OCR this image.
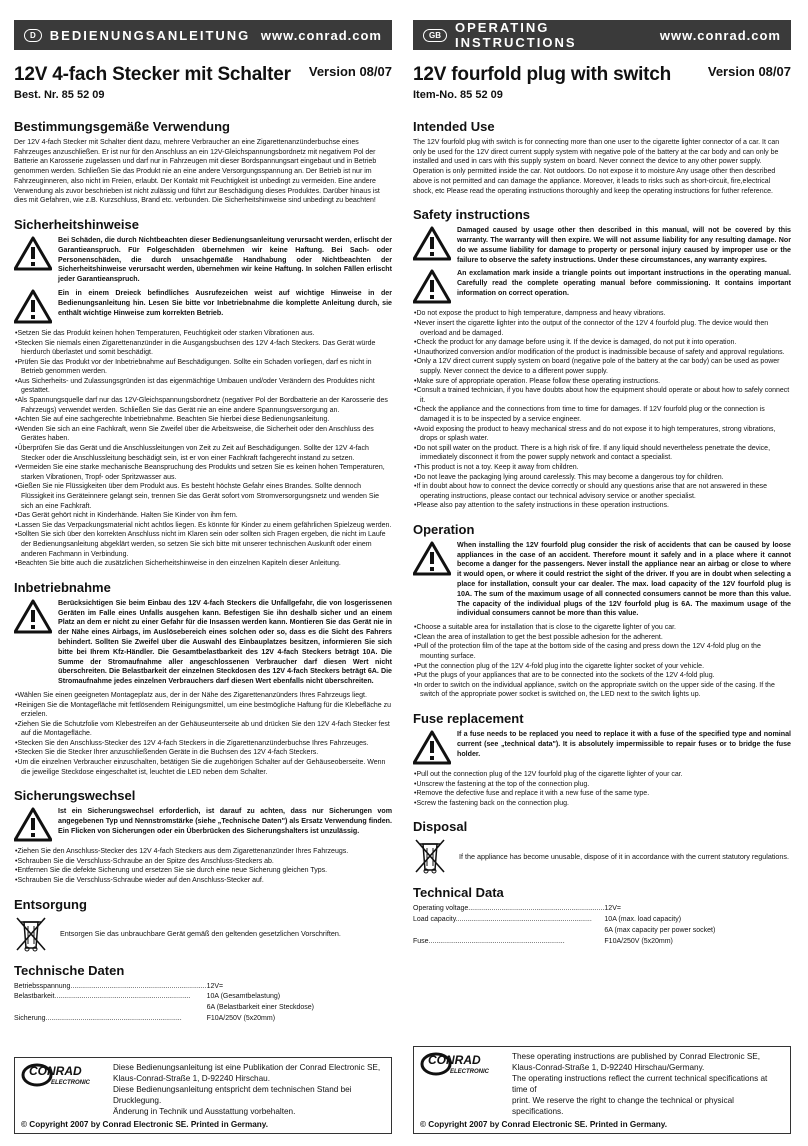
D	BEDIENUNGSANLEITUNG www.conrad.com
12V 4-fach Stecker mit Schalter	Version 08/07
Best. Nr. 85 52 09
Bestimmungsgemäße Verwendung

Der 12V 4-fach Stecker mit Schalter dient dazu, mehrere Verbraucher an eine Zigarettenanzünderbuchse eines Fahrzeuges anzuschließen. Er ist nur für den Anschluss an ein 12V-Gleichspannungsbordnetz mit negativem Pol der Batterie an Karosserie zugelassen und darf nur in Fahrzeugen mit dieser Bordspannungsart eingebaut und in Betrieb genommen werden. Schließen Sie das Produkt nie an eine andere Versorgungsspannung an. Der Betrieb ist nur im Fahrzeuginneren, also nicht im Freien, erlaubt. Der Kontakt mit Feuchtigkeit ist unbedingt zu vermeiden. Eine andere Verwendung als zuvor beschrieben ist nicht zulässig und führt zur Beschädigung dieses Produktes. Darüber hinaus ist dies mit Gefahren, wie z.B. Kurzschluss, Brand etc. verbunden. Die Sicherheitshinweise sind unbedingt zu beachten!

Sicherheitshinweise
Bei Schäden, die durch Nichtbeachten dieser Bedienungsanleitung verursacht werden, erlischt der Garantieanspruch. Für Folgeschäden übernehmen wir keine Haftung. Bei Sach- oder Personenschäden, die durch unsachgemäße Handhabung oder Nichtbeachten der Sicherheitshinweise verursacht werden, übernehmen wir keine Haftung. In solchen Fällen erlischt jeder Garantieanspruch.
Ein in einem Dreieck befindliches Ausrufezeichen weist auf wichtige Hinweise in der Bedienungsanleitung hin. Lesen Sie bitte vor Inbetriebnahme die komplette Anleitung durch, sie enthält wichtige Hinweise zum korrekten Betrieb.
• Setzen Sie das Produkt keinen hohen Temperaturen, Feuchtigkeit oder starken Vibrationen aus.
• Stecken Sie niemals einen Zigarettenanzünder in die Ausgangsbuchsen des 12V 4-fach Steckers. Das Gerät würde hierdurch überlastet und somit beschädigt.
• Prüfen Sie das Produkt vor der Inbetriebnahme auf Beschädigungen. Sollte ein Schaden vorliegen, darf es nicht in Betrieb genommen werden.
• Aus Sicherheits- und Zulassungsgründen ist das eigenmächtige Umbauen und/oder Verändern des Produktes nicht gestattet.
• Als Spannungsquelle darf nur das 12V-Gleichspannungsbordnetz (negativer Pol der Bordbatterie an der Karosserie des Fahrzeugs) verwendet werden. Schließen Sie das Gerät nie an eine andere Spannungsversorgung an.
• Achten Sie auf eine sachgerechte Inbetriebnahme. Beachten Sie hierbei diese Bedienungsanleitung.
• Wenden Sie sich an eine Fachkraft, wenn Sie Zweifel über die Arbeitsweise, die Sicherheit oder den Anschluss des Gerätes haben.
• Überprüfen Sie das Gerät und die Anschlussleitungen von Zeit zu Zeit auf Beschädigungen. Sollte der 12V 4-fach Stecker oder die Anschlussleitung beschädigt sein, ist er von einer Fachkraft fachgerecht instand zu setzen.
• Vermeiden Sie eine starke mechanische Beanspruchung des Produkts und setzen Sie es keinen hohen Temperaturen, starken Vibrationen, Tropf- oder Spritzwasser aus.
• Gießen Sie nie Flüssigkeiten über dem Produkt aus. Es besteht höchste Gefahr eines Brandes. Sollte dennoch Flüssigkeit ins Geräteinnere gelangt sein, trennen Sie das Gerät sofort vom Stromversorgungsnetz und wenden Sie sich an eine Fachkraft.
• Das Gerät gehört nicht in Kinderhände. Halten Sie Kinder von ihm fern.
• Lassen Sie das Verpackungsmaterial nicht achtlos liegen. Es könnte für Kinder zu einem gefährlichen Spielzeug werden.
• Sollten Sie sich über den korrekten Anschluss nicht im Klaren sein oder sollten sich Fragen ergeben, die nicht im Laufe der Bedienungsanleitung abgeklärt werden, so setzen Sie sich bitte mit unserer technischen Auskunft oder einem anderen Fachmann in Verbindung.
• Beachten Sie bitte auch die zusätzlichen Sicherheitshinweise in den einzelnen Kapiteln dieser Anleitung.
Inbetriebnahme
Berücksichtigen Sie beim Einbau des 12V 4-fach Steckers die Unfallgefahr, die von losgerissenen Geräten im Falle eines Unfalls ausgehen kann. Befestigen Sie ihn deshalb sicher und an einem Platz an dem er nicht zu einer Gefahr für die Insassen werden kann. Montieren Sie das Gerät nie in der Nähe eines Airbags, im Auslösebereich eines solchen oder so, dass es die Sicht des Fahrers behindert. Sollten Sie Zweifel über die Auswahl des Einbauplatzes besitzen, informieren Sie sich bitte bei Ihrem Kfz-Händler. Die Gesamtbelastbarkeit des 12V 4-fach Steckers beträgt 10A. Die Summe der Stromaufnahme aller angeschlossenen Verbraucher darf diesen Wert nicht überschreiten. Die Belastbarkeit der einzelnen Steckdosen des 12V 4-fach Steckers beträgt 6A. Die Stromaufnahme jedes einzelnen Verbrauchers darf diesen Wert ebenfalls nicht überschreiten.
• Wählen Sie einen geeigneten Montageplatz aus, der in der Nähe des Zigarettenanzünders Ihres Fahrzeugs liegt.
• Reinigen Sie die Montagefläche mit fettlösendem Reinigungsmittel, um eine bestmögliche Haftung für die Klebefläche zu erzielen.
• Ziehen Sie die Schutzfolie vom Klebestreifen an der Gehäuseunterseite ab und drücken Sie den 12V 4-fach Stecker fest auf die Montagefläche.
• Stecken Sie den Anschluss-Stecker des 12V 4-fach Steckers in die Zigarettenanzünderbuchse Ihres Fahrzeuges.
• Stecken Sie die Stecker Ihrer anzuschließenden Geräte in die Buchsen des 12V 4-fach Steckers.
• Um die einzelnen Verbraucher einzuschalten, betätigen Sie die zugehörigen Schalter auf der Gehäuseoberseite. Wenn die jeweilige Steckdose eingeschaltet ist, leuchtet die LED neben dem Schalter.
Sicherungswechsel
Ist ein Sicherungswechsel erforderlich, ist darauf zu achten, dass nur Sicherungen vom angegebenen Typ und Nennstromstärke (siehe „Technische Daten") als Ersatz Verwendung finden. Ein Flicken von Sicherungen oder ein Überbrücken des Sicherungshalters ist unzulässig.
• Ziehen Sie den Anschluss-Stecker des 12V 4-fach Steckers aus dem Zigarettenanzünder Ihres Fahrzeugs.
• Schrauben Sie die Verschluss-Schraube an der Spitze des Anschluss-Steckers ab.
• Entfernen Sie die defekte Sicherung und ersetzen Sie sie durch eine neue Sicherung gleichen Typs.
• Schrauben Sie die Verschluss-Schraube wieder auf den Anschluss-Stecker auf.
Entsorgung
Entsorgen Sie das unbrauchbare Gerät gemäß den geltenden gesetzlichen Vorschriften.
Technische Daten
Betriebsspannung......................................................................	12V=
Belastbarkeit......................................................................	10A (Gesamtbelastung)
	6A (Belastbarkeit einer Steckdose)
Sicherung......................................................................	F10A/250V (5x20mm)
CONRAD
ELECTRONIC
Diese Bedienungsanleitung ist eine Publikation der Conrad Electronic SE,
Klaus-Conrad-Straße 1, D-92240 Hirschau.
Diese Bedienungsanleitung entspricht dem technischen Stand bei Drucklegung.
Änderung in Technik und Ausstattung vorbehalten.
© Copyright 2007 by Conrad Electronic SE. Printed in Germany.
GB	OPERATING INSTRUCTIONS	www.conrad.com
12V fourfold plug with switch	Version 08/07
Item-No. 85 52 09
Intended Use

The 12V fourfold plug with switch is for connecting more than one user to the cigarette lighter connector of a car. It can only be used for the 12V direct current supply system with negative pole of the battery at the car body and can only be installed and used in cars with this supply system on board. Never connect the device to any other power supply. Operation is only permitted inside the car. Not outdoors. Do not expose it to moisture Any usage other then described above is not permitted and can damage the appliance. Moreover, it leads to risks such as short-circuit, fire,electrical shock, etc Please read the operating instructions thoroughly and keep the operating instructions for futher reference.

Safety instructions
Damaged caused by usage other then described in this manual, will not be covered by this warranty. The warranty will then expire. We will not assume liability for any resulting damage. Nor do we assume liability for damage to property or personal injury caused by improper use or the failure to observe the safety instructions. Under these circumstances, any warranty expires.
An exclamation mark inside a triangle points out important instructions in the operating manual. Carefully read the complete operating manual before commissioning. It contains important information on correct operation.
• Do not expose the product to high temperature, dampness and heavy vibrations.
• Never insert the cigarette lighter into the output of the connector of the 12V 4 fourfold plug. The device would then overload and be damaged.
• Check the product for any damage before using it. If the device is damaged, do not put it into operation.
• Unauthorized conversion and/or modification of the product is inadmissible because of safety and approval regulations.
• Only a 12V direct current supply system on board (negative pole of the battery at the car body) can be used as power supply. Never connect the device to a different power supply.
• Make sure of appropriate operation. Please follow these operating instructions.
• Consult a trained technician, if you have doubts about how the equipment should operate or about how to safely connect it.
• Check the appliance and the connections from time to time for damages. If 12V fourfold plug or the connection is damaged it is to be inspected by a service engineer.
• Avoid exposing the product to heavy mechanical stress and do not expose it to high temperatures, strong vibrations, drops or splash water.
• Do not spill water on the product. There is a high risk of fire. If any liquid should nevertheless penetrate the device, immediately disconnect it from the power supply network and contact a specialist.
• This product is not a toy. Keep it away from children.
• Do not leave the packaging lying around carelessly. This may become a dangerous toy for children.
• If in doubt about how to connect the device correctly or should any questions arise that are not answered in these operating instructions, please contact our technical advisory service or another specialist.
• Please also pay attention to the safety instructions in these operation instructions.
Operation
When installing the 12V fourfold plug consider the risk of accidents that can be caused by loose appliances in the case of an accident. Therefore mount it safely and in a place where it cannot become a danger for the passengers. Never install the appliance near an airbag or close to where it would open, or where it could restrict the sight of the driver. If you are in doubt when selecting a place for installation, consult your car dealer. The max. load capacity of the 12V fourfold plug is 10A. The sum of the maximum usage of all connected consumers cannot be more than this value. The capacity of the individual plugs of the 12V fourfold plug is 6A. The maximum usage of the individual consumers cannot be more than this value.
• Choose a suitable area for installation that is close to the cigarette lighter of you car.
• Clean the area of installation to get the best possible adhesion for the adherent.
• Pull of the protection film of the tape at the bottom side of the casing and press down the 12V 4-fold plug on the mounting surface.
• Put the connection plug of the 12V 4-fold plug into the cigarette lighter socket of your vehicle.
• Put the plugs of your appliances that are to be connected into the sockets of the 12V 4-fold plug.
• In order to switch on the individual appliance, switch on the appropriate switch on the upper side of the casing. If the switch of the appropriate power socket is switched on, the LED next to the switch lights up.
Fuse replacement
If a fuse needs to be replaced you need to replace it with a fuse of the specified type and nominal current (see „technical data"). It is absolutely impermissible to repair fuses or to bridge the fuse holder.
• Pull out the connection plug of the 12V fourfold plug of the cigarette lighter of your car.
• Unscrew the fastening at the top of the connection plug.
• Remove the defective fuse and replace it with a new fuse of the same type.
• Screw the fastening back on the connection plug.
Disposal
If the appliance has become unusable, dispose of it in accordance with the current statutory regulations.
Technical Data
Operating voltage......................................................................	12V=
Load capacity......................................................................	10A (max. load capacity)
	6A (max capacity per power socket)
Fuse......................................................................	F10A/250V (5x20mm)
CONRAD
ELECTRONIC
These operating instructions are published by Conrad Electronic SE,
Klaus-Conrad-Straße 1, D-92240 Hirschau/Germany.
The operating instructions reflect the current technical specifications at time of
print. We reserve the right to change the technical or physical specifications.
© Copyright 2007 by Conrad Electronic SE. Printed in Germany.
